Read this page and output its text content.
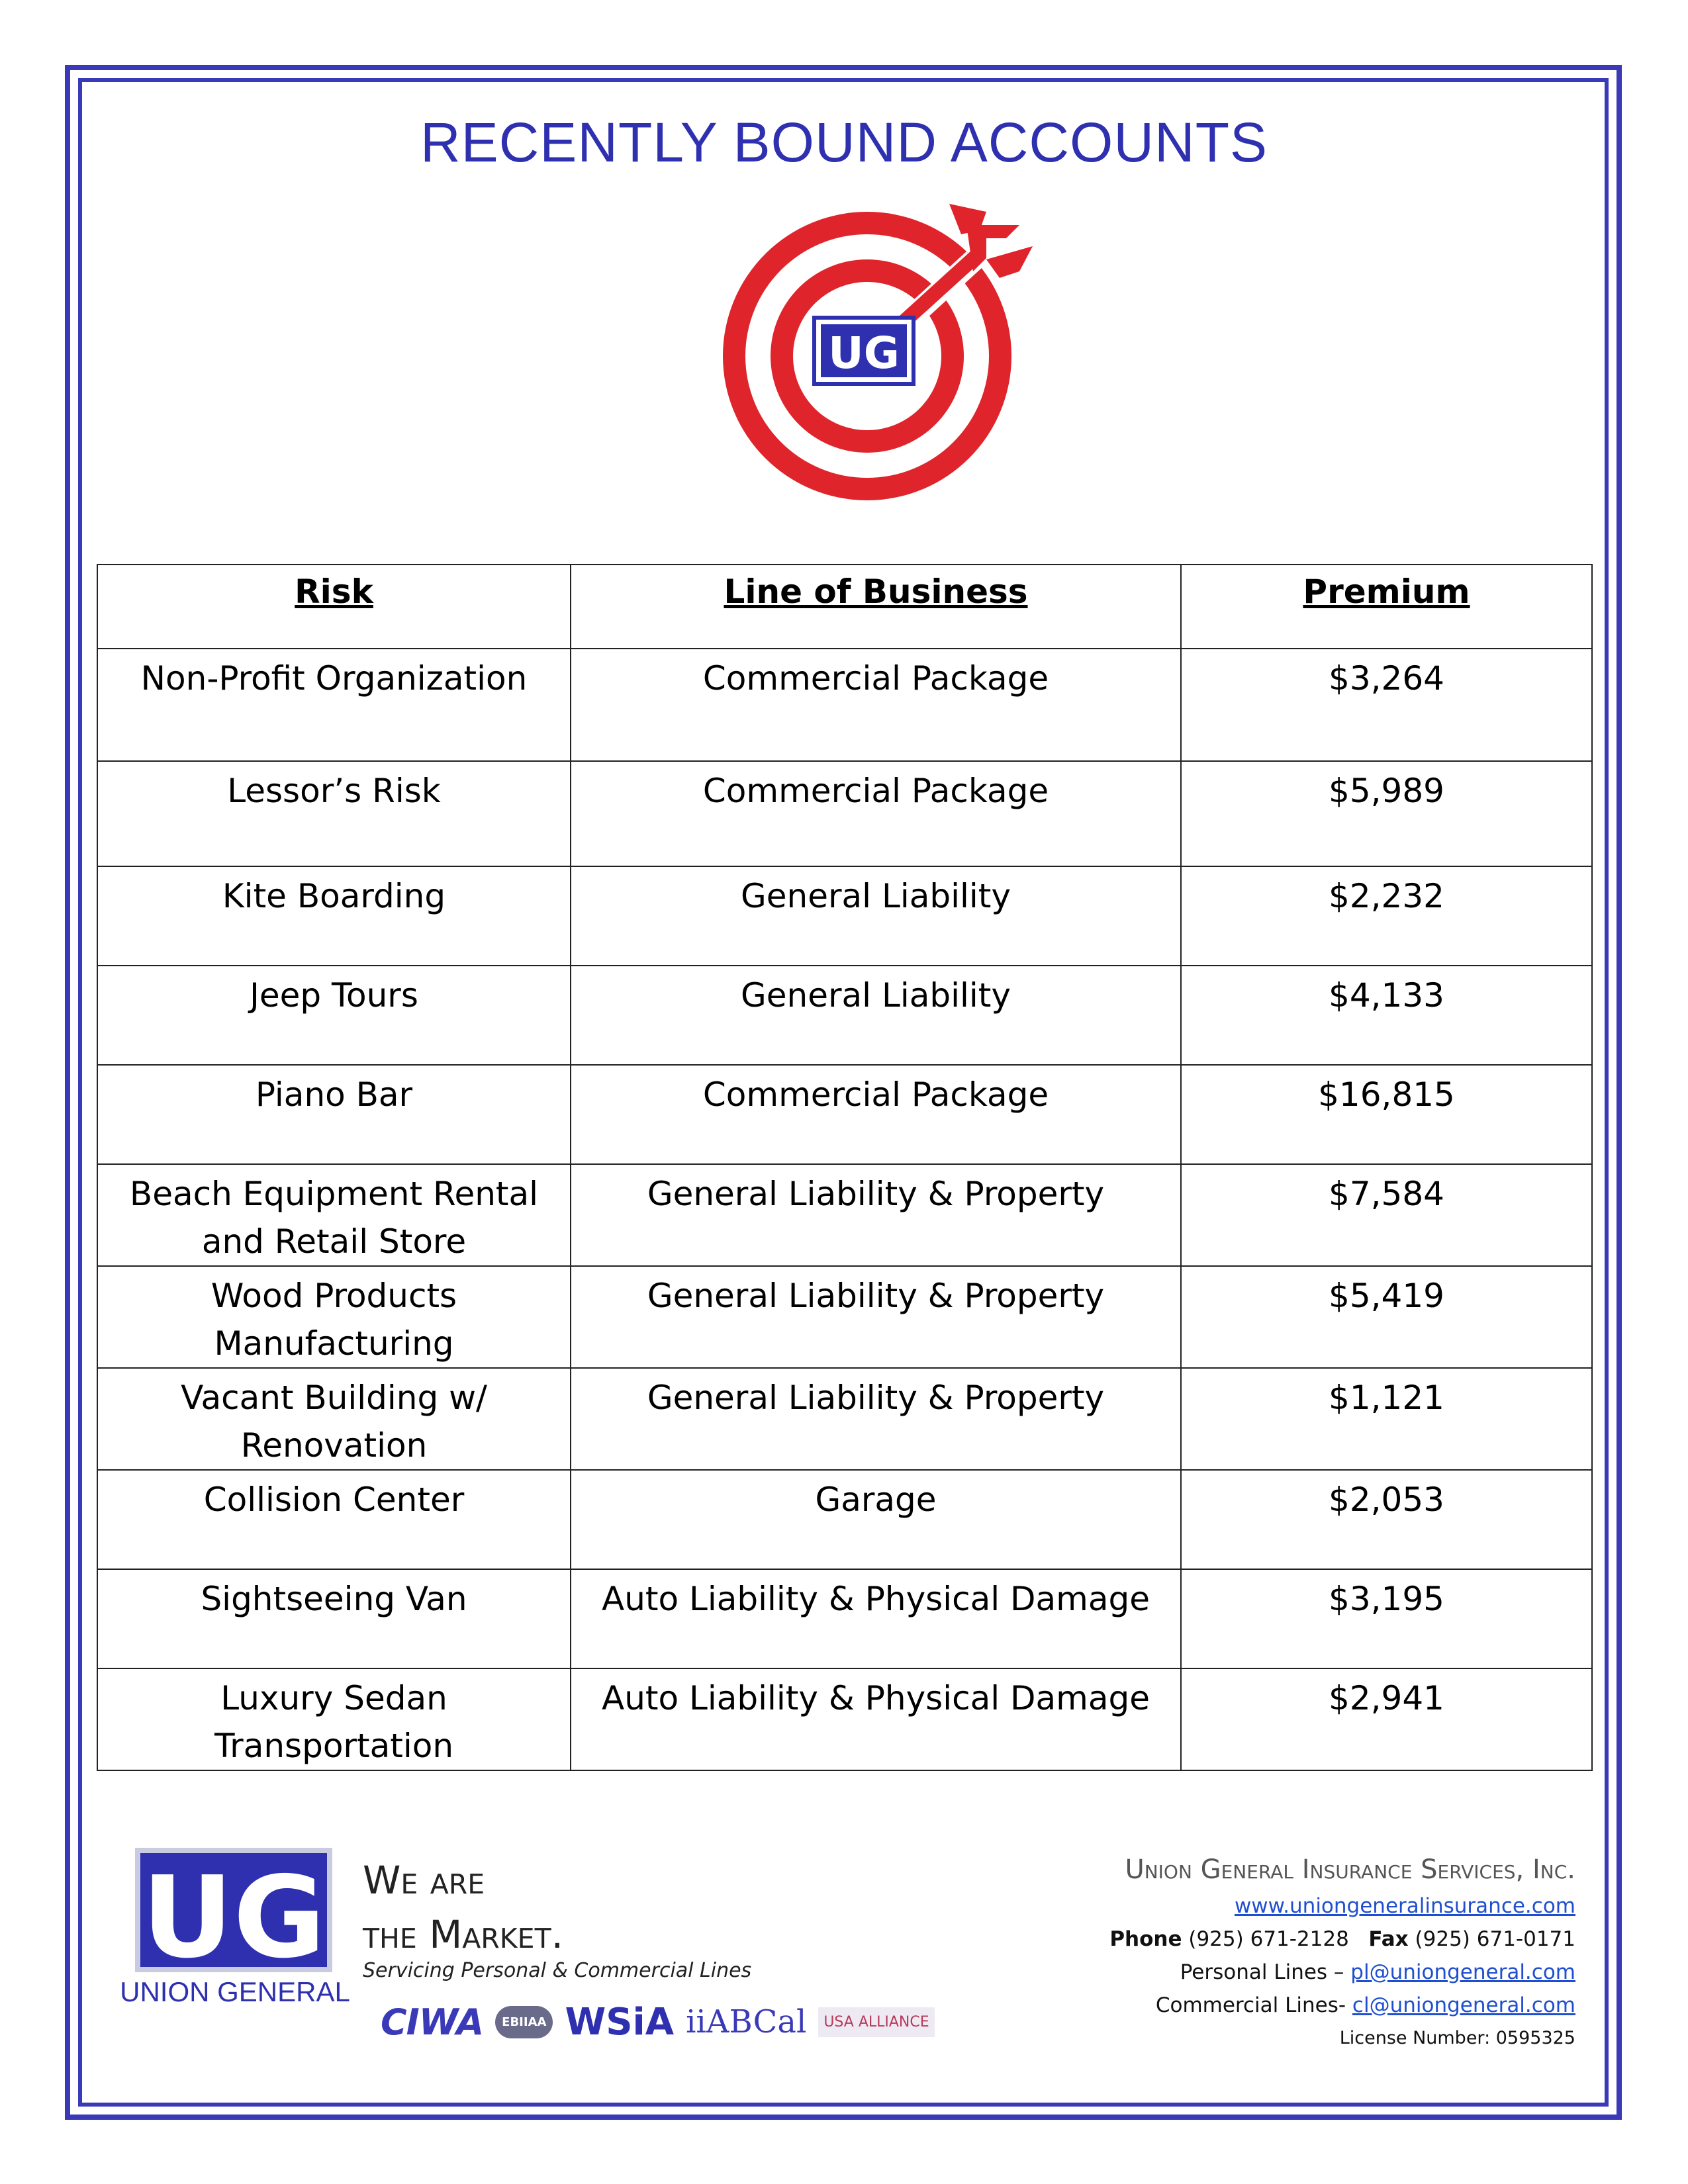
RECENTLY BOUND ACCOUNTS
UG
Risk	Line of Business	Premium
Non-Profit Organization	Commercial Package	$3,264
Lessor’s Risk	Commercial Package	$5,989
Kite Boarding	General Liability	$2,232
Jeep Tours	General Liability	$4,133
Piano Bar	Commercial Package	$16,815
Beach Equipment Rental and Retail Store	General Liability & Property	$7,584
Wood Products Manufacturing	General Liability & Property	$5,419
Vacant Building w/ Renovation	General Liability & Property	$1,121
Collision Center	Garage	$2,053
Sightseeing Van	Auto Liability & Physical Damage	$3,195
Luxury Sedan Transportation	Auto Liability & Physical Damage	$2,941
UG
UNION GENERAL
We are
the Market.
Servicing Personal & Commercial Lines
CIWA	EBIIAA WSiA iiABCal	USA ALLIANCE
Union General Insurance Services, Inc.
www.uniongeneralinsurance.com
Phone (925) 671-2128 Fax (925) 671-0171
Personal Lines – pl@uniongeneral.com
Commercial Lines- cl@uniongeneral.com
License Number: 0595325
